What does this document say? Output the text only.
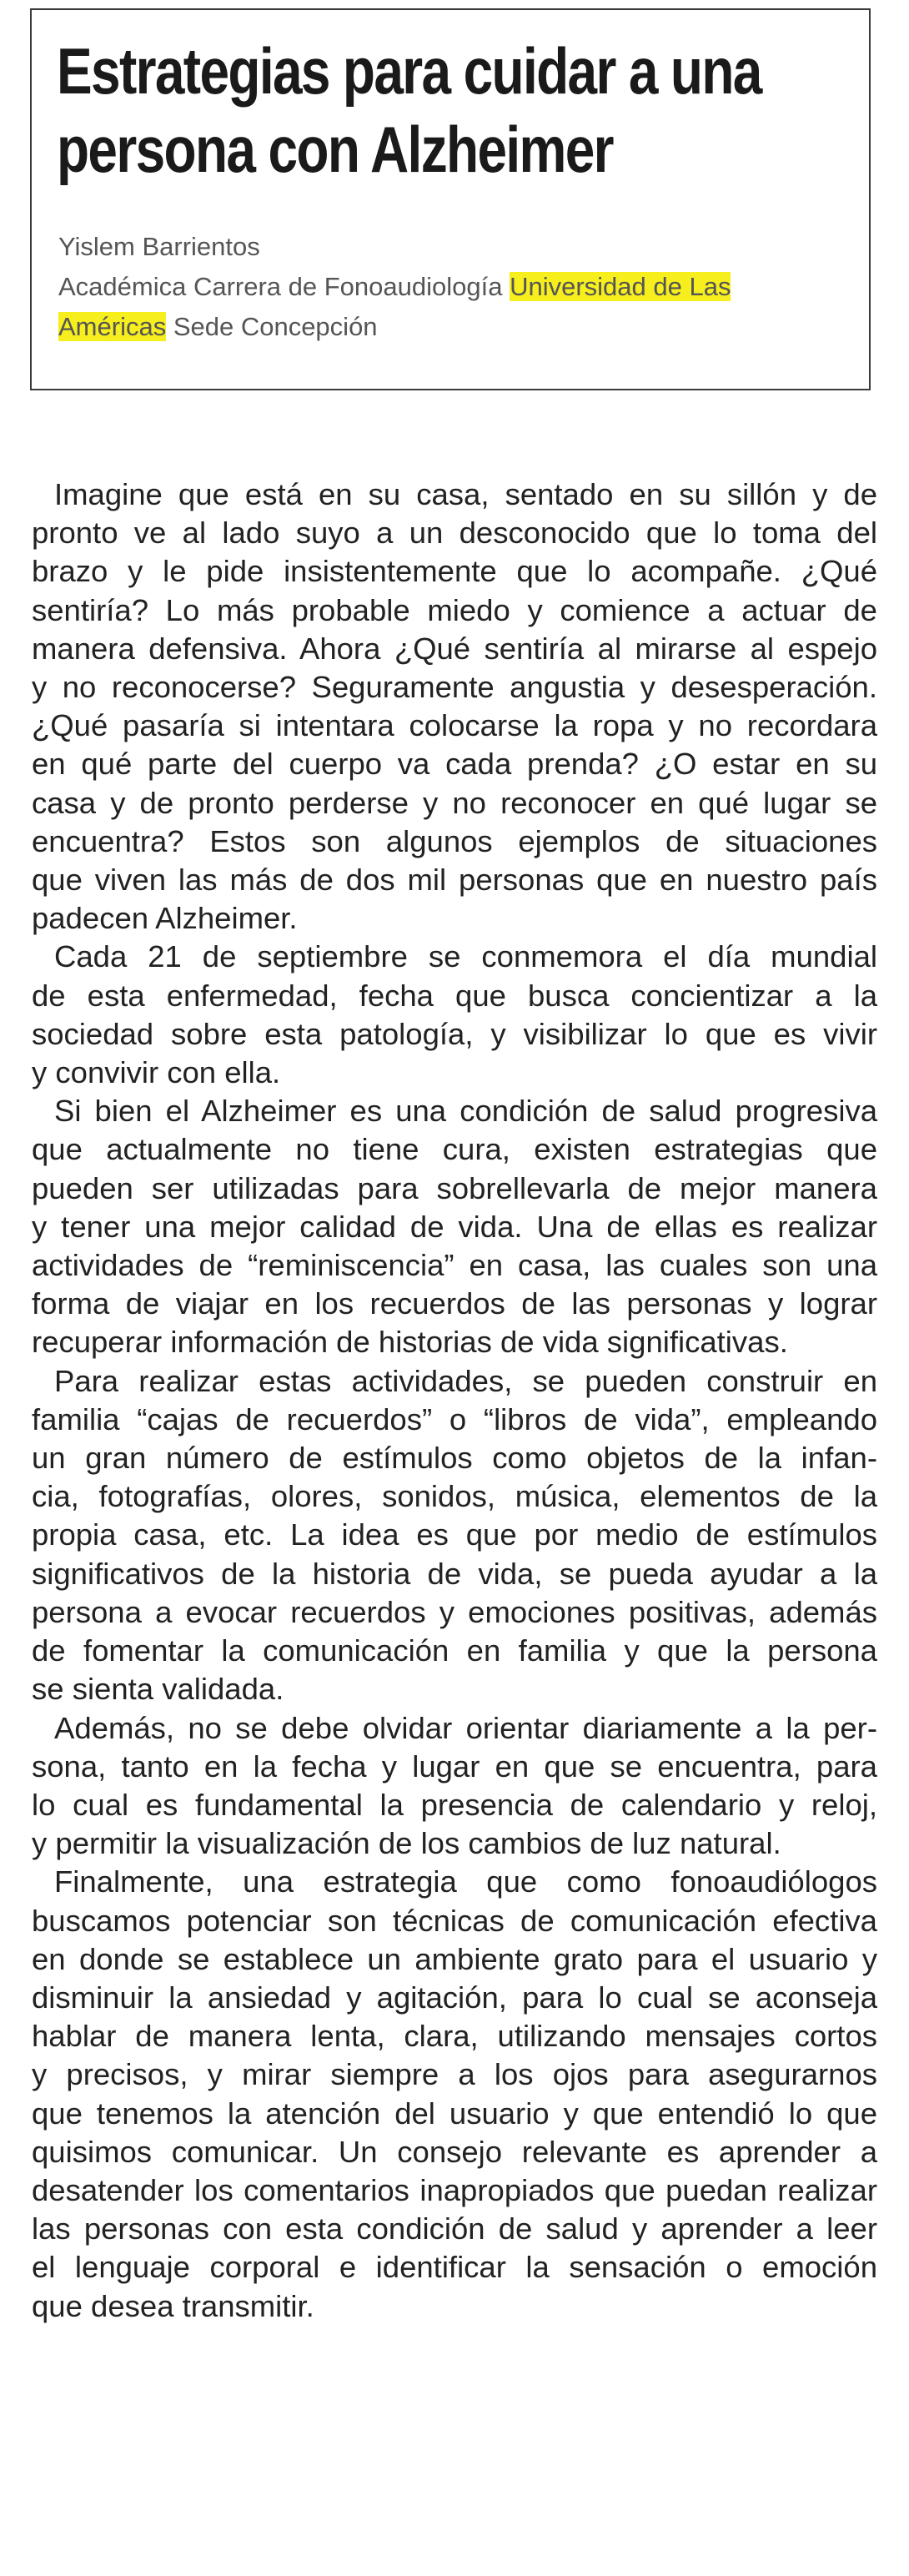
Estrategias para cuidar a una persona con Alzheimer
Yislem Barrientos
Académica Carrera de Fonoaudiología Universidad de Las
Américas Sede Concepción

Imagine que está en su casa, sentado en su sillón y de
pronto ve al lado suyo a un desconocido que lo toma del
brazo y le pide insistentemente que lo acompañe. ¿Qué
sentiría? Lo más probable miedo y comience a actuar de
manera defensiva. Ahora ¿Qué sentiría al mirarse al espejo
y no reconocerse? Seguramente angustia y desesperación.
¿Qué pasaría si intentara colocarse la ropa y no recordara
en qué parte del cuerpo va cada prenda? ¿O estar en su
casa y de pronto perderse y no reconocer en qué lugar se
encuentra? Estos son algunos ejemplos de situaciones
que viven las más de dos mil personas que en nuestro país
padecen Alzheimer.

Cada 21 de septiembre se conmemora el día mundial
de esta enfermedad, fecha que busca concientizar a la
sociedad sobre esta patología, y visibilizar lo que es vivir
y convivir con ella.

Si bien el Alzheimer es una condición de salud progresiva
que actualmente no tiene cura, existen estrategias que
pueden ser utilizadas para sobrellevarla de mejor manera
y tener una mejor calidad de vida. Una de ellas es realizar
actividades de “reminiscencia” en casa, las cuales son una
forma de viajar en los recuerdos de las personas y lograr
recuperar información de historias de vida significativas.

Para realizar estas actividades, se pueden construir en
familia “cajas de recuerdos” o “libros de vida”, empleando
un gran número de estímulos como objetos de la infan-
cia, fotografías, olores, sonidos, música, elementos de la
propia casa, etc. La idea es que por medio de estímulos
significativos de la historia de vida, se pueda ayudar a la
persona a evocar recuerdos y emociones positivas, además
de fomentar la comunicación en familia y que la persona
se sienta validada.

Además, no se debe olvidar orientar diariamente a la per-
sona, tanto en la fecha y lugar en que se encuentra, para
lo cual es fundamental la presencia de calendario y reloj,
y permitir la visualización de los cambios de luz natural.

Finalmente, una estrategia que como fonoaudiólogos
buscamos potenciar son técnicas de comunicación efectiva
en donde se establece un ambiente grato para el usuario y
disminuir la ansiedad y agitación, para lo cual se aconseja
hablar de manera lenta, clara, utilizando mensajes cortos
y precisos, y mirar siempre a los ojos para asegurarnos
que tenemos la atención del usuario y que entendió lo que
quisimos comunicar. Un consejo relevante es aprender a
desatender los comentarios inapropiados que puedan realizar
las personas con esta condición de salud y aprender a leer
el lenguaje corporal e identificar la sensación o emoción
que desea transmitir.
